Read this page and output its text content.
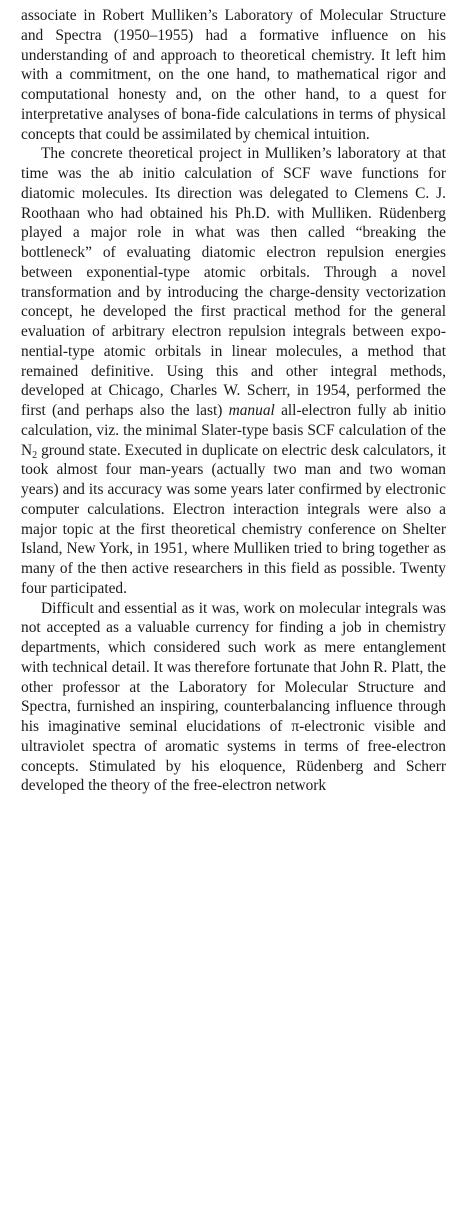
associate in Robert Mulliken’s Laboratory of Molecular Structure and Spectra (1950–1955) had a formative influence on his understanding of and approach to theoretical chemistry. It left him with a commitment, on the one hand, to mathematical rigor and computational honesty and, on the other hand, to a quest for interpretative analyses of bona-fide calculations in terms of physical concepts that could be assimilated by chemical intuition.

The concrete theoretical project in Mulliken’s laboratory at that time was the ab initio calculation of SCF wave functions for diatomic molecules. Its direction was delegated to Clemens C. J. Roothaan who had obtained his Ph.D. with Mulliken. Rüdenberg played a major role in what was then called “breaking the bottleneck” of evaluating diatomic electron repulsion energies between exponential-type atomic orbitals. Through a novel transformation and by introducing the charge-density vectorization concept, he developed the first practical method for the general evaluation of arbitrary electron repulsion integrals between exponential-type atomic orbitals in linear molecules, a method that remained definitive. Using this and other integral methods, developed at Chicago, Charles W. Scherr, in 1954, performed the first (and perhaps also the last) manual all-electron fully ab initio calculation, viz. the minimal Slater-type basis SCF calculation of the $N_2$ ground state. Executed in duplicate on electric desk calculators, it took almost four man-years (actually two man and two woman years) and its accuracy was some years later confirmed by electronic computer calculations. Electron interaction integrals were also a major topic at the first theoretical chemistry conference on Shelter Island, New York, in 1951, where Mulliken tried to bring together as many of the then active researchers in this field as possible. Twenty four participated.

Difficult and essential as it was, work on molecular integrals was not accepted as a valuable currency for finding a job in chemistry departments, which considered such work as mere entanglement with technical detail. It was therefore fortunate that John R. Platt, the other professor at the Laboratory for Molecular Structure and Spectra, furnished an inspiring, counterbalancing influence through his imaginative seminal elucidations of π-electronic visible and ultraviolet spectra of aromatic systems in terms of free-electron concepts. Stimulated by his eloquence, Rüdenberg and Scherr developed the theory of the free-electron network
